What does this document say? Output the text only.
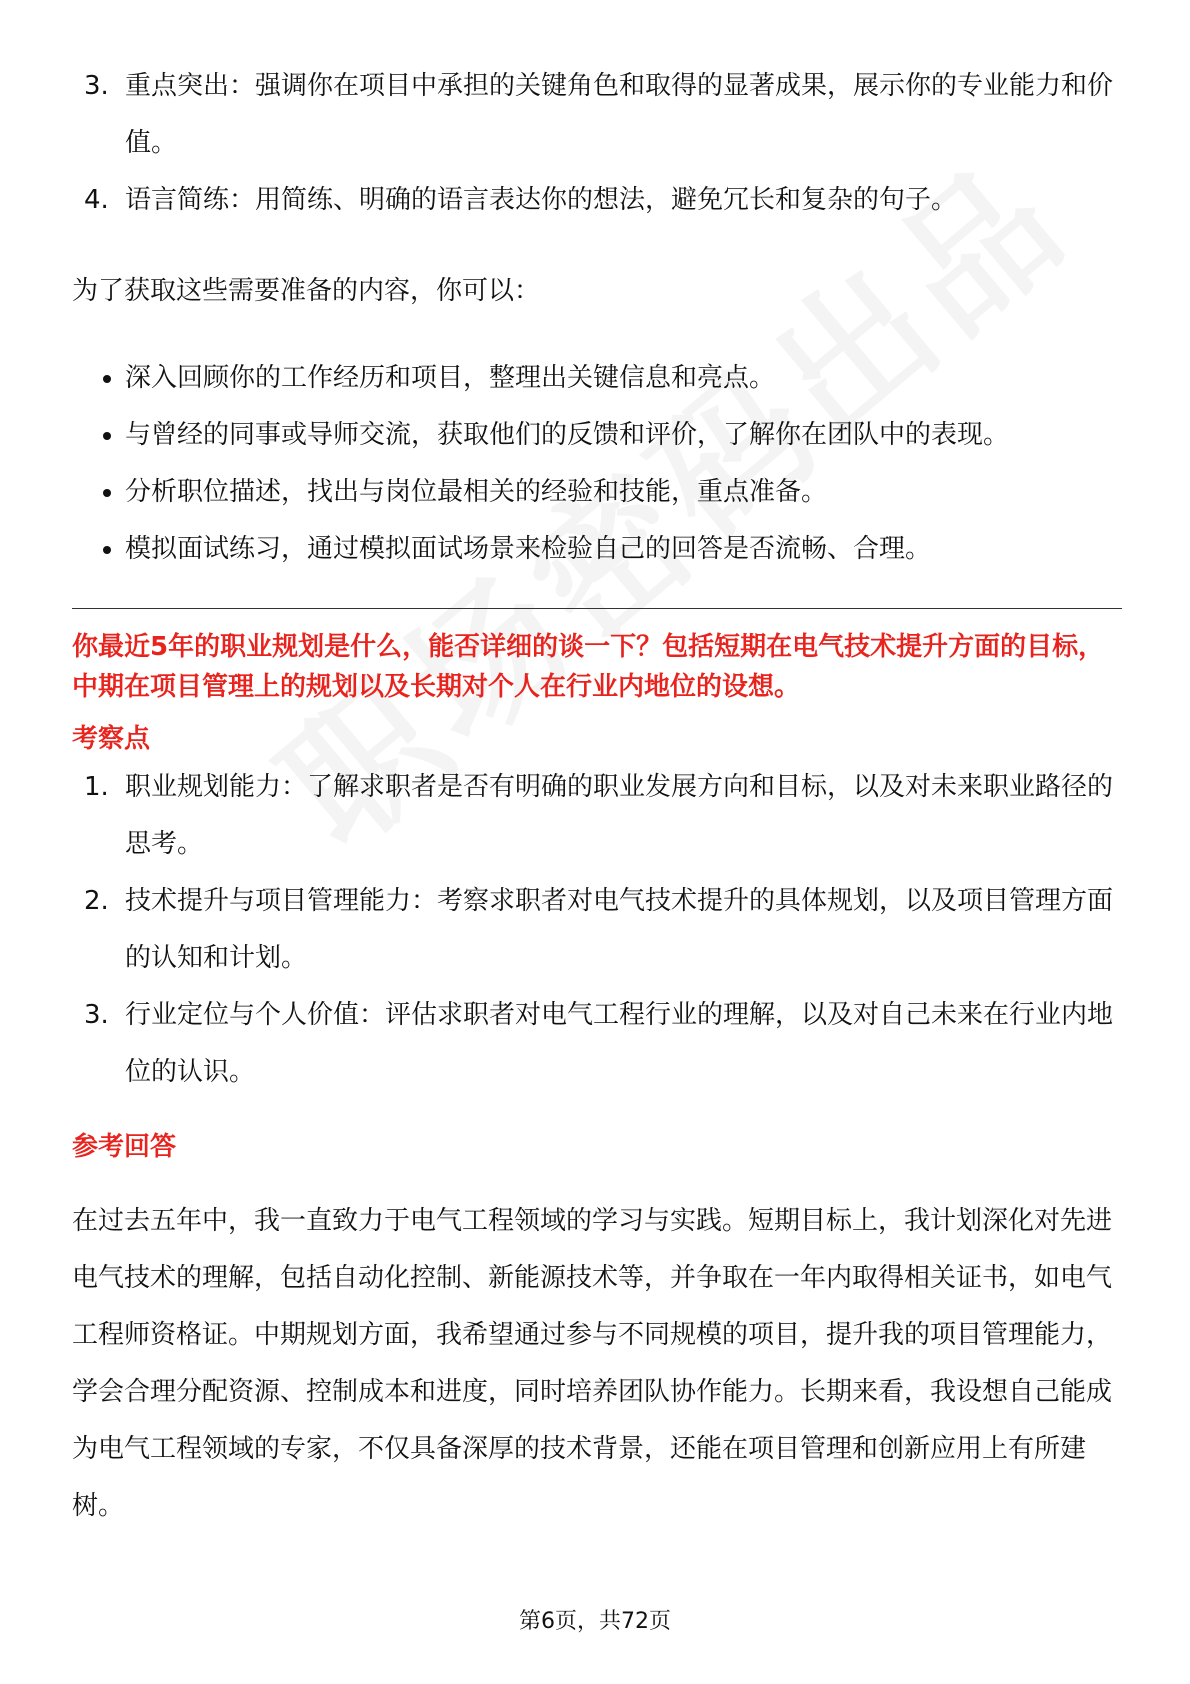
3. 重点突出：强调你在项目中承担的关键角色和取得的显著成果，展示你的专业能力和价值。
4. 语言简练：用简练、明确的语言表达你的想法，避免冗长和复杂的句子。

为了获取这些需要准备的内容，你可以：

深入回顾你的工作经历和项目，整理出关键信息和亮点。
与曾经的同事或导师交流，获取他们的反馈和评价，了解你在团队中的表现。
分析职位描述，找出与岗位最相关的经验和技能，重点准备。
模拟面试练习，通过模拟面试场景来检验自己的回答是否流畅、合理。
你最近5年的职业规划是什么，能否详细的谈一下？包括短期在电气技术提升方面的目标，中期在项目管理上的规划以及长期对个人在行业内地位的设想。
考察点
1. 职业规划能力：了解求职者是否有明确的职业发展方向和目标，以及对未来职业路径的思考。
2. 技术提升与项目管理能力：考察求职者对电气技术提升的具体规划，以及项目管理方面的认知和计划。
3. 行业定位与个人价值：评估求职者对电气工程行业的理解，以及对自己未来在行业内地位的认识。
参考回答

在过去五年中，我一直致力于电气工程领域的学习与实践。短期目标上，我计划深化对先进电气技术的理解，包括自动化控制、新能源技术等，并争取在一年内取得相关证书，如电气工程师资格证。中期规划方面，我希望通过参与不同规模的项目，提升我的项目管理能力，学会合理分配资源、控制成本和进度，同时培养团队协作能力。长期来看，我设想自己能成为电气工程领域的专家，不仅具备深厚的技术背景，还能在项目管理和创新应用上有所建树。

第6页，共72页
